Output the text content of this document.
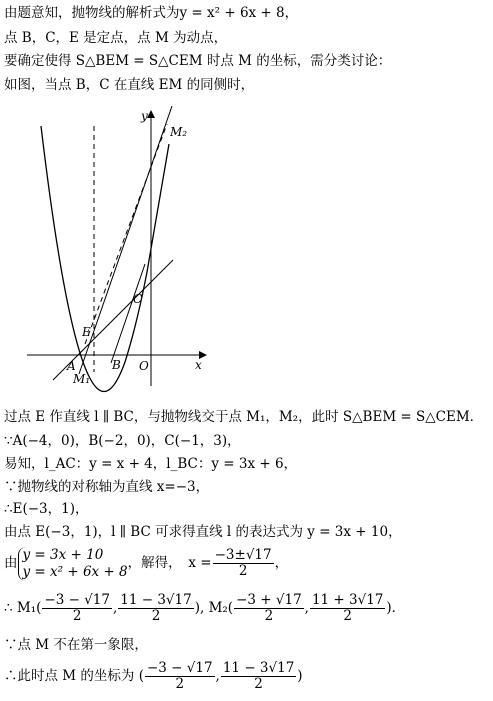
由题意知，抛物线的解析式为y = x² + 6x + 8，
点 B，C，E 是定点，点 M 为动点，
要确定使得 S△BEM = S△CEM 时点 M 的坐标，需分类讨论：
如图，当点 B，C 在直线 EM 的同侧时，
y
M₂
C
E
A	B O	x
M₁
过点 E 作直线 l ∥ BC，与抛物线交于点 M₁，M₂，此时 S△BEM = S△CEM．
∵A(−4，0)，B(−2，0)，C(−1，3)，
易知，l_AC：y = x + 4，l_BC：y = 3x + 6，
∵抛物线的对称轴为直线 x=−3，
∴E(−3，1)，
由点 E(−3，1)，l ∥ BC 可求得直线 l 的表达式为 y = 3x + 10，
由
y = 3x + 10
y = x² + 6x + 8
，解得，　$x = \frac{-3\pm√17}{2}$ ，
∴ $M_1( \frac{-3 - √17}{2}$ , $\frac{11 - 3√17}{2}$ ), $M_2( \frac{-3 + √17}{2}$ , $\frac{11 + 3√17}{2}$ )．
∵点 M 不在第一象限，
∴此时点 M 的坐标为 ( $\frac{-3 - √17}{2}$ , $\frac{11 - 3√17}{2}$ )
